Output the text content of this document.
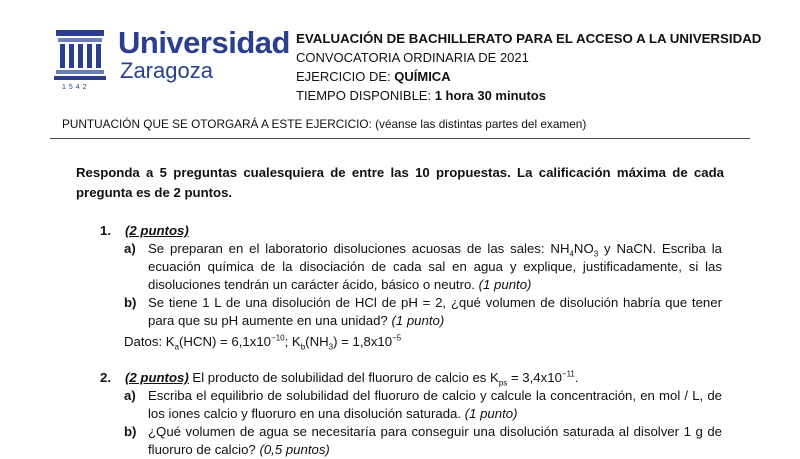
1542
Universidad
Zaragoza
EVALUACIÓN DE BACHILLERATO PARA EL ACCESO A LA UNIVERSIDAD
CONVOCATORIA ORDINARIA DE 2021
EJERCICIO DE: QUÍMICA
TIEMPO DISPONIBLE: 1 hora 30 minutos
PUNTUACIÓN QUE SE OTORGARÁ A ESTE EJERCICIO: (véanse las distintas partes del examen)
Responda a 5 preguntas cualesquiera de entre las 10 propuestas. La calificación máxima de cada pregunta es de 2 puntos.
1. (2 puntos)
a) Se preparan en el laboratorio disoluciones acuosas de las sales: $NH_4NO_3$ y NaCN. Escriba la ecuación química de la disociación de cada sal en agua y explique, justificadamente, si las disoluciones tendrán un carácter ácido, básico o neutro. (1 punto)
b) Se tiene 1 L de una disolución de HCl de pH = 2, ¿qué volumen de disolución habría que tener para que su pH aumente en una unidad? (1 punto)
Datos: $K_a(HCN) = 6,1x10^{-10}$; $K_b(NH_3) = 1,8x10^{-5}$
2. (2 puntos) El producto de solubilidad del fluoruro de calcio es $K_{ps} = 3,4x10^{-11}$.
a) Escriba el equilibrio de solubilidad del fluoruro de calcio y calcule la concentración, en mol / L, de los iones calcio y fluoruro en una disolución saturada. (1 punto)
b) ¿Qué volumen de agua se necesitaría para conseguir una disolución saturada al disolver 1 g de fluoruro de calcio? (0,5 puntos)
